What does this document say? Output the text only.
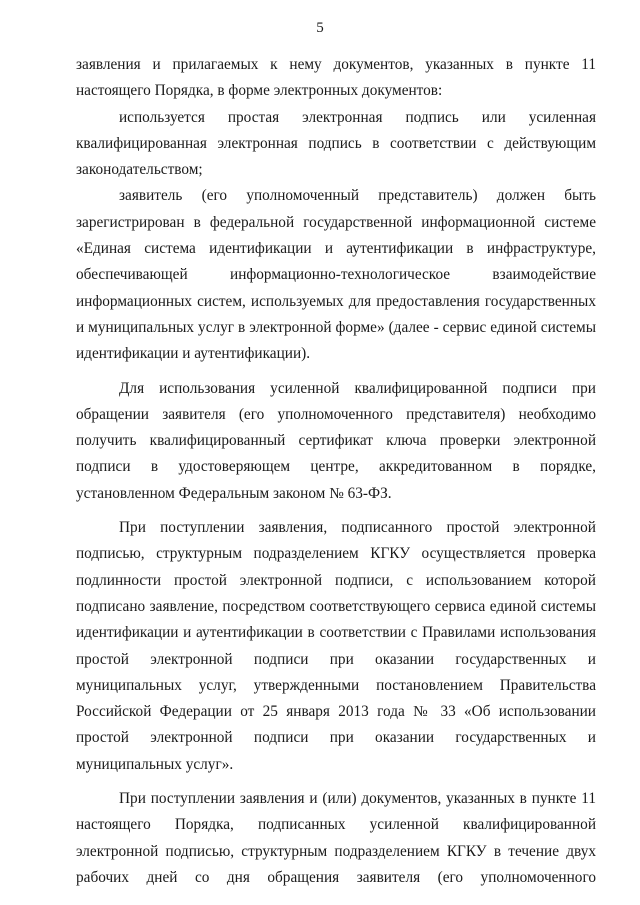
5

заявления и прилагаемых к нему документов, указанных в пункте 11 настоящего Порядка, в форме электронных документов:

используется простая электронная подпись или усиленная квалифицированная электронная подпись в соответствии с действующим законодательством;

заявитель (его уполномоченный представитель) должен быть зарегистрирован в федеральной государственной информационной системе «Единая система идентификации и аутентификации в инфраструктуре, обеспечивающей информационно-технологическое взаимодействие информационных систем, используемых для предоставления государственных и муниципальных услуг в электронной форме» (далее - сервис единой системы идентификации и аутентификации).

Для использования усиленной квалифицированной подписи при обращении заявителя (его уполномоченного представителя) необходимо получить квалифицированный сертификат ключа проверки электронной подписи в удостоверяющем центре, аккредитованном в порядке, установленном Федеральным законом № 63-ФЗ.

При поступлении заявления, подписанного простой электронной подписью, структурным подразделением КГКУ осуществляется проверка подлинности простой электронной подписи, с использованием которой подписано заявление, посредством соответствующего сервиса единой системы идентификации и аутентификации в соответствии с Правилами использования простой электронной подписи при оказании государственных и муниципальных услуг, утвержденными постановлением Правительства Российской Федерации от 25 января 2013 года № 33 «Об использовании простой электронной подписи при оказании государственных и муниципальных услуг».

При поступлении заявления и (или) документов, указанных в пункте 11 настоящего Порядка, подписанных усиленной квалифицированной электронной подписью, структурным подразделением КГКУ в течение двух рабочих дней со дня обращения заявителя (его уполномоченного
